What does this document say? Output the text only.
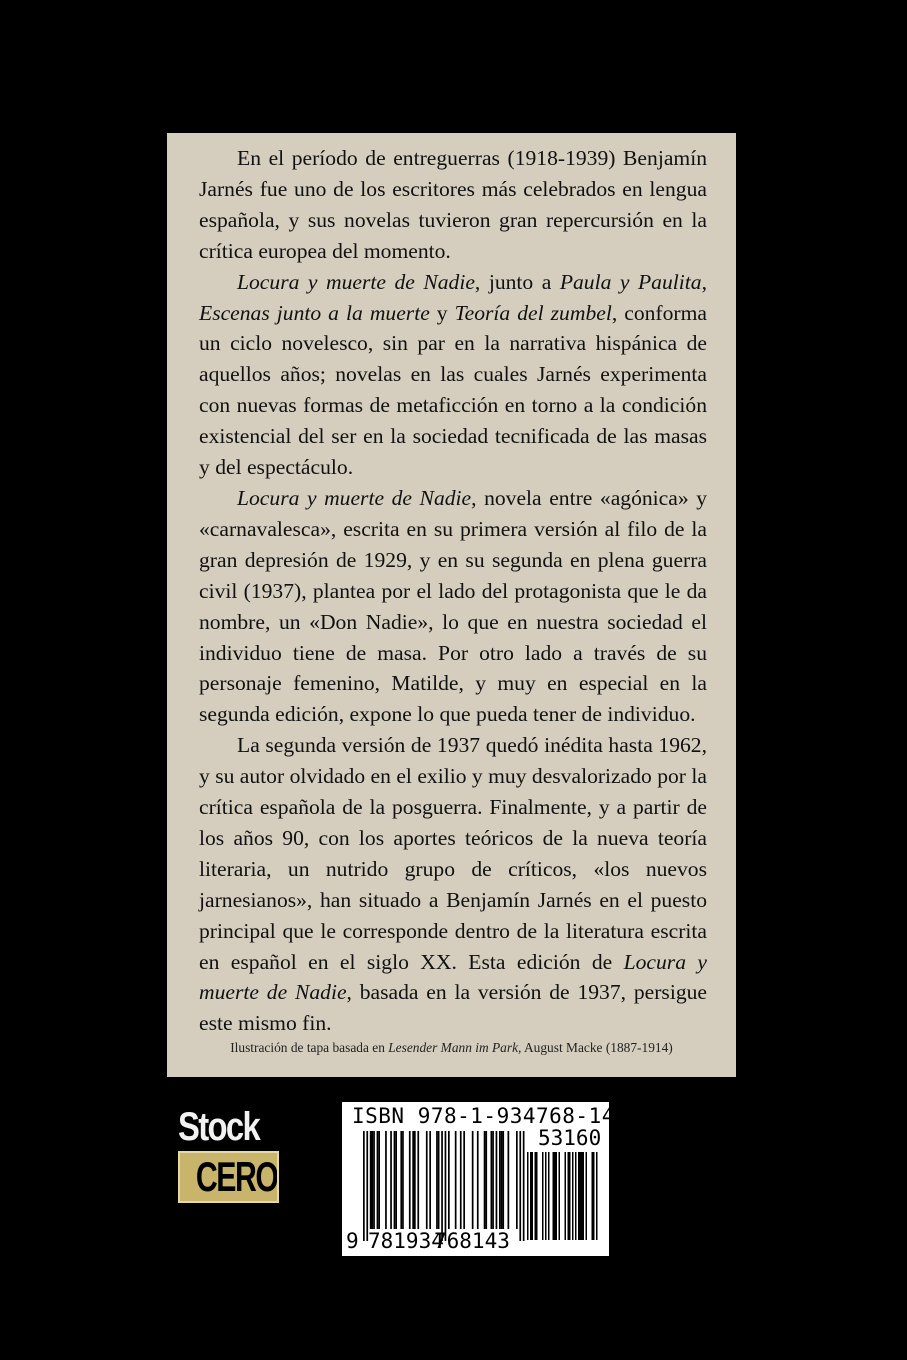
En el período de entreguerras (1918-1939) Benjamín Jarnés fue uno de los escritores más celebrados en lengua española, y sus novelas tuvieron gran repercursión en la crítica europea del momento.

Locura y muerte de Nadie, junto a Paula y Paulita, Escenas junto a la muerte y Teoría del zumbel, conforma un ciclo novelesco, sin par en la narrativa hispánica de aquellos años; novelas en las cuales Jarnés experimenta con nuevas formas de metaficción en torno a la condición existencial del ser en la sociedad tecnificada de las masas y del espectáculo.

Locura y muerte de Nadie, novela entre «agónica» y «carnavalesca», escrita en su primera versión al filo de la gran depresión de 1929, y en su segunda en plena guerra civil (1937), plantea por el lado del protagonista que le da nombre, un «Don Nadie», lo que en nuestra sociedad el individuo tiene de masa. Por otro lado a través de su personaje femenino, Matilde, y muy en especial en la segunda edición, expone lo que pueda tener de individuo.

La segunda versión de 1937 quedó inédita hasta 1962, y su autor olvidado en el exilio y muy desvalorizado por la crítica española de la posguerra. Finalmente, y a partir de los años 90, con los aportes teóricos de la nueva teoría literaria, un nutrido grupo de críticos, «los nuevos jarnesianos», han situado a Benjamín Jarnés en el puesto principal que le corresponde dentro de la literatura escrita en español en el siglo XX. Esta edición de Locura y muerte de Nadie, basada en la versión de 1937, persigue este mismo fin.

Ilustración de tapa basada en Lesender Mann im Park, August Macke (1887-1914)
Stock
CERO
ISBN 978-1-934768-14-3
53160
9 781934
768143
